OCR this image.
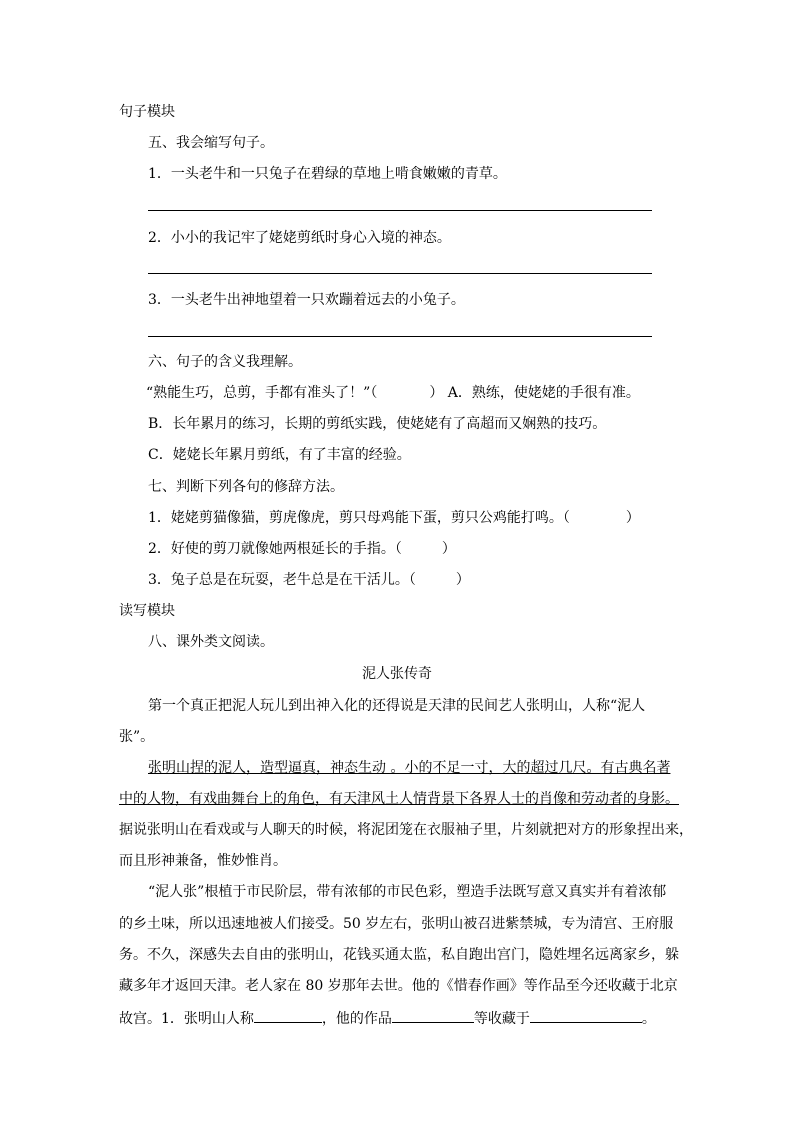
句子模块
五、我会缩写句子。
1．一头老牛和一只兔子在碧绿的草地上啃食嫩嫩的青草。
2．小小的我记牢了姥姥剪纸时身心入境的神态。
3．一头老牛出神地望着一只欢蹦着远去的小兔子。
六、句子的含义我理解。
“熟能生巧，总剪，手都有准头了！”（	） A．熟练，使姥姥的手很有准。
B．长年累月的练习，长期的剪纸实践，使姥姥有了高超而又娴熟的技巧。
C．姥姥长年累月剪纸，有了丰富的经验。
七、判断下列各句的修辞方法。
1．姥姥剪猫像猫，剪虎像虎，剪只母鸡能下蛋，剪只公鸡能打鸣。（	）
2．好使的剪刀就像她两根延长的手指。（	）
3．兔子总是在玩耍，老牛总是在干活儿。（	）
读写模块
八、课外类文阅读。
泥人张传奇
第一个真正把泥人玩儿到出神入化的还得说是天津的民间艺人张明山，人称“泥人
张”。
张明山捏的泥人，造型逼真，神态生动 。小的不足一寸，大的超过几尺。有古典名著
中的人物，有戏曲舞台上的角色，有天津风土人情背景下各界人士的肖像和劳动者的身影。
据说张明山在看戏或与人聊天的时候，将泥团笼在衣服袖子里，片刻就把对方的形象捏出来，
而且形神兼备，惟妙惟肖。
“泥人张”根植于市民阶层，带有浓郁的市民色彩，塑造手法既写意又真实并有着浓郁
的乡土味，所以迅速地被人们接受。50 岁左右，张明山被召进紫禁城，专为清宫、王府服
务。不久，深感失去自由的张明山，花钱买通太监，私自跑出宫门，隐姓埋名远离家乡，躲
藏多年才返回天津。老人家在 80 岁那年去世。他的《惜春作画》等作品至今还收藏于北京
故宫。1．张明山人称	，他的作品	等收藏于	。
